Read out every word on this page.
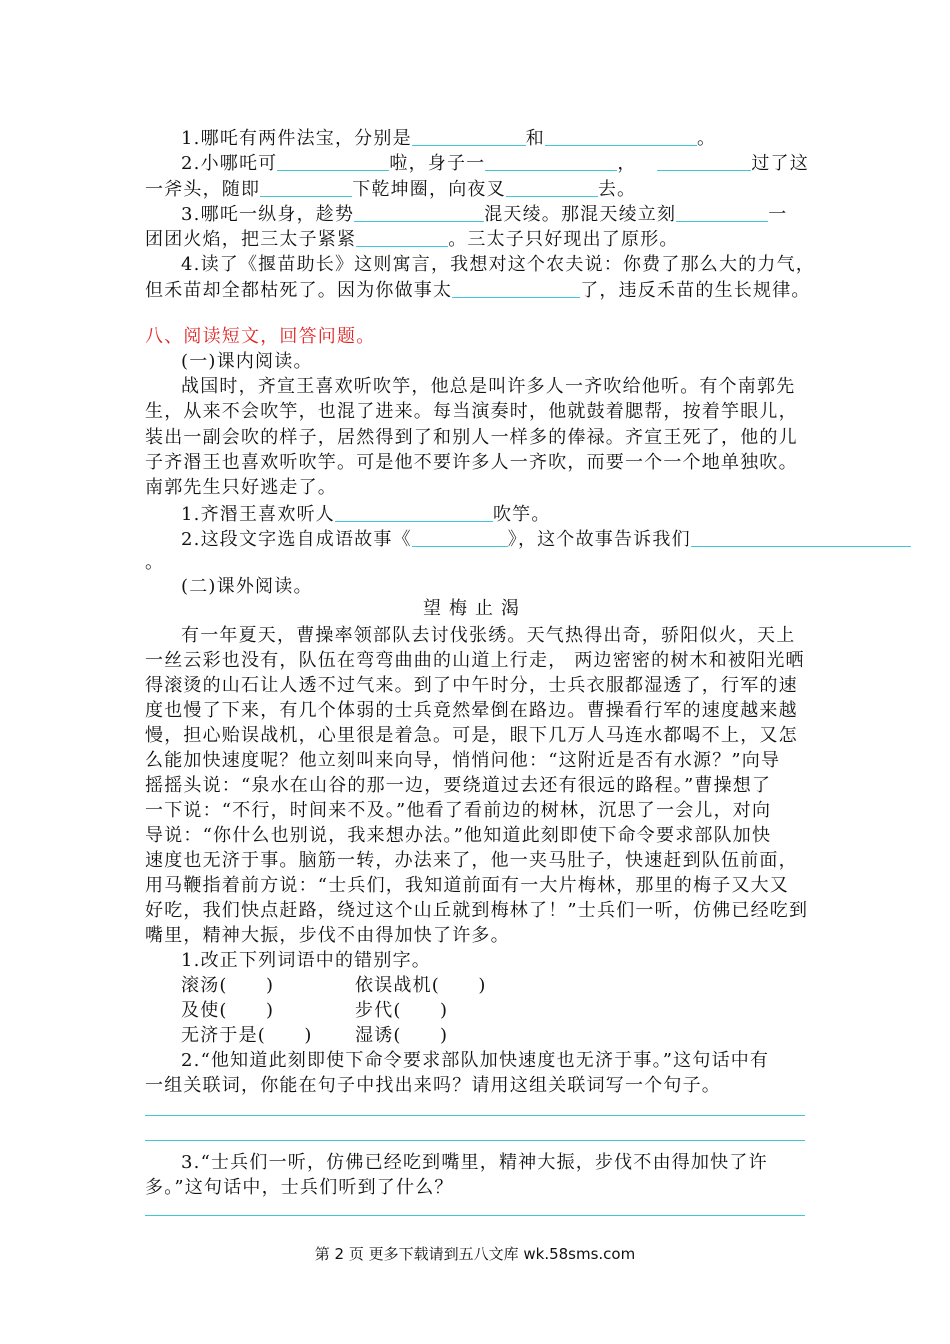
1.哪吒有两件法宝，分别是	和	。
2.小哪吒可	啦，身子一	，	过了这
一斧头，随即	下乾坤圈，向夜叉	去。
3.哪吒一纵身，趁势	混天绫。那混天绫立刻	一
团团火焰，把三太子紧紧	。三太子只好现出了原形。
4.读了《揠苗助长》这则寓言，我想对这个农夫说：你费了那么大的力气，
但禾苗却全都枯死了。因为你做事太	了，违反禾苗的生长规律。
八、阅读短文，回答问题。
(一)课内阅读。
战国时，齐宣王喜欢听吹竽，他总是叫许多人一齐吹给他听。有个南郭先
生，从来不会吹竽，也混了进来。每当演奏时，他就鼓着腮帮，按着竽眼儿，
装出一副会吹的样子，居然得到了和别人一样多的俸禄。齐宣王死了，他的儿
子齐湣王也喜欢听吹竽。可是他不要许多人一齐吹，而要一个一个地单独吹。
南郭先生只好逃走了。
1.齐湣王喜欢听人	吹竽。
2.这段文字选自成语故事《	》，这个故事告诉我们
。
(二)课外阅读。
望梅止渴
有一年夏天，曹操率领部队去讨伐张绣。天气热得出奇，骄阳似火，天上
一丝云彩也没有，队伍在弯弯曲曲的山道上行走， 两边密密的树木和被阳光晒
得滚烫的山石让人透不过气来。到了中午时分，士兵衣服都湿透了，行军的速
度也慢了下来，有几个体弱的士兵竟然晕倒在路边。曹操看行军的速度越来越
慢，担心贻误战机，心里很是着急。可是，眼下几万人马连水都喝不上，又怎
么能加快速度呢？他立刻叫来向导，悄悄问他：“这附近是否有水源？”向导
摇摇头说：“泉水在山谷的那一边，要绕道过去还有很远的路程。”曹操想了
一下说：“不行，时间来不及。”他看了看前边的树林，沉思了一会儿，对向
导说：“你什么也别说，我来想办法。”他知道此刻即使下命令要求部队加快
速度也无济于事。脑筋一转，办法来了，他一夹马肚子，快速赶到队伍前面，
用马鞭指着前方说：“士兵们，我知道前面有一大片梅林，那里的梅子又大又
好吃，我们快点赶路，绕过这个山丘就到梅林了！”士兵们一听，仿佛已经吃到
嘴里，精神大振，步伐不由得加快了许多。
1.改正下列词语中的错别字。
滚汤(　　)	依误战机(　　)
及使(　　)	步代(　　)
无济于是(　　) 湿诱(　　)
2.“他知道此刻即使下命令要求部队加快速度也无济于事。”这句话中有
一组关联词，你能在句子中找出来吗？请用这组关联词写一个句子。
3.“士兵们一听，仿佛已经吃到嘴里，精神大振，步伐不由得加快了许
多。”这句话中，士兵们听到了什么？
第 2 页 更多下载请到五八文库 wk.58sms.com
